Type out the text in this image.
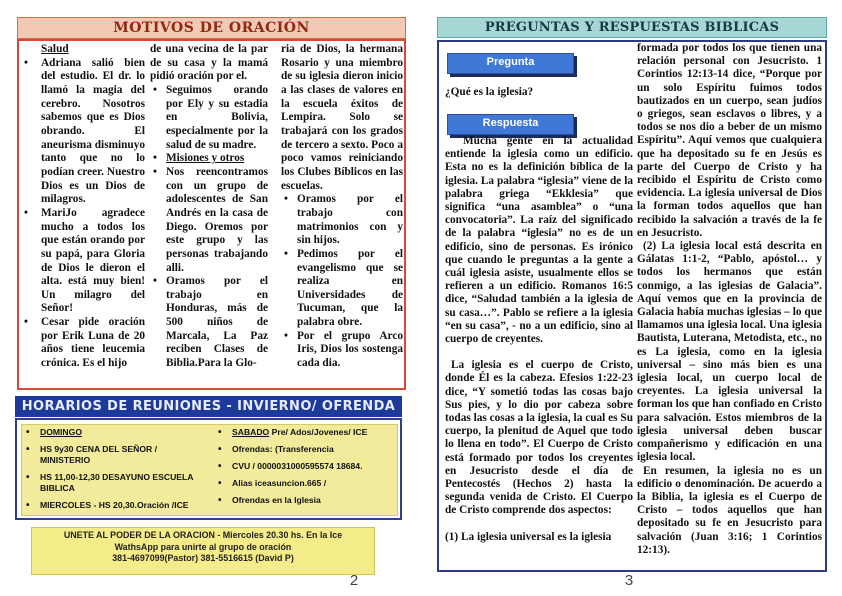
MOTIVOS DE ORACIÓN

Salud

• Adriana salió bien del estudio. El dr. lo llamó la magia del cerebro. Nosotros sabemos que es Dios obrando. El aneurisma disminuyo tanto que no lo podían creer. Nuestro Dios es un Dios de milagros.

• MariJo agradece mucho a todos los que están orando por su papá, para Gloria de Dios le dieron el alta. está muy bien! Un milagro del Señor!

• Cesar pide oración por Erik Luna de 20 años tiene leucemia crónica. Es el hijo

de una vecina de la par de su casa y la mamá pidió oración por el.

• Seguimos orando por Ely y su estadia en Bolivia, especialmente por la salud de su madre.

• Misiones y otros

• Nos reencontramos con un grupo de adolescentes de San Andrés en la casa de Diego. Oremos por este grupo y las personas trabajando alli.

• Oramos por el trabajo en Honduras, más de 500 niños de Marcala, La Paz reciben Clases de Biblia.Para la Glo-

ria de Dios, la hermana Rosario y una miembro de su iglesia dieron inicio a las clases de valores en la escuela éxitos de Lempira. Solo se trabajará con los grados de tercero a sexto. Poco a poco vamos reiniciando los Clubes Bíblicos en las escuelas.

• Oramos por el trabajo con matrimonios con y sin hijos.

• Pedimos por el evangelismo que se realiza en Universidades de Tucuman, que la palabra obre.

• Por el grupo Arco Iris, Dios los sostenga cada dia.

HORARIOS DE REUNIONES - INVIERNO/ OFRENDA

• DOMINGO

• HS 9y30 CENA DEL SEÑOR / MINISTERIO

• HS 11,00-12,30 DESAYUNO ESCUELA BIBLICA

• MIERCOLES - HS 20,30.Oración /ICE

• SABADO Pre/ Ados/Jovenes/ ICE

• Ofrendas: (Transferencia

• CVU / 0000031000595574 18684.

• Alias iceasuncion.665 /

• Ofrendas en la Iglesia

UNETE AL PODER DE LA ORACION - Miercoles 20.30 hs. En la Ice
WathsApp para unirte al grupo de oración
381-4697099(Pastor) 381-5516615 (David P)
2
PREGUNTAS Y RESPUESTAS BIBLICAS
Pregunta
¿Qué es la iglesia?
Respuesta

Mucha gente en la actualidad entiende la iglesia como un edificio. Esta no es la definición bíblica de la iglesia. La palabra “iglesia” viene de la palabra griega “Ekklesia” que significa “una asamblea” o “una convocatoria”. La raíz del significado de la palabra “iglesia” no es de un edificio, sino de personas. Es irónico que cuando le preguntas a la gente a cuál iglesia asiste, usualmente ellos se refieren a un edificio. Romanos 16:5 dice, “Saludad también a la iglesia de su casa…”. Pablo se refiere a la iglesia “en su casa”, - no a un edificio, sino al cuerpo de creyentes.

La iglesia es el cuerpo de Cristo, donde Él es la cabeza. Efesios 1:22-23 dice, “Y sometió todas las cosas bajo Sus pies, y lo dio por cabeza sobre todas las cosas a la iglesia, la cual es Su cuerpo, la plenitud de Aquel que todo lo llena en todo”. El Cuerpo de Cristo está formado por todos los creyentes en Jesucristo desde el día de Pentecostés (Hechos 2) hasta la segunda venida de Cristo. El Cuerpo de Cristo comprende dos aspectos:

(1) La iglesia universal es la iglesia

formada por todos los que tienen una relación personal con Jesucristo. 1 Corintios 12:13-14 dice, “Porque por un solo Espíritu fuimos todos bautizados en un cuerpo, sean judíos o griegos, sean esclavos o libres, y a todos se nos dio a beber de un mismo Espíritu”. Aquí vemos que cualquiera que ha depositado su fe en Jesús es parte del Cuerpo de Cristo y ha recibido el Espíritu de Cristo como evidencia. La iglesia universal de Dios la forman todos aquellos que han recibido la salvación a través de la fe en Jesucristo.

(2) La iglesia local está descrita en Gálatas 1:1-2, “Pablo, apóstol… y todos los hermanos que están conmigo, a las iglesias de Galacia”. Aquí vemos que en la provincia de Galacia había muchas iglesias – lo que llamamos una iglesia local. Una iglesia Bautista, Luterana, Metodista, etc., no es La iglesia, como en la iglesia universal – sino más bien es una iglesia local, un cuerpo local de creyentes. La iglesia universal la forman los que han confiado en Cristo para salvación. Estos miembros de la iglesia universal deben buscar compañerismo y edificación en una iglesia local.

En resumen, la iglesia no es un edificio o denominación. De acuerdo a la Biblia, la iglesia es el Cuerpo de Cristo – todos aquellos que han depositado su fe en Jesucristo para salvación (Juan 3:16; 1 Corintios 12:13).

3
